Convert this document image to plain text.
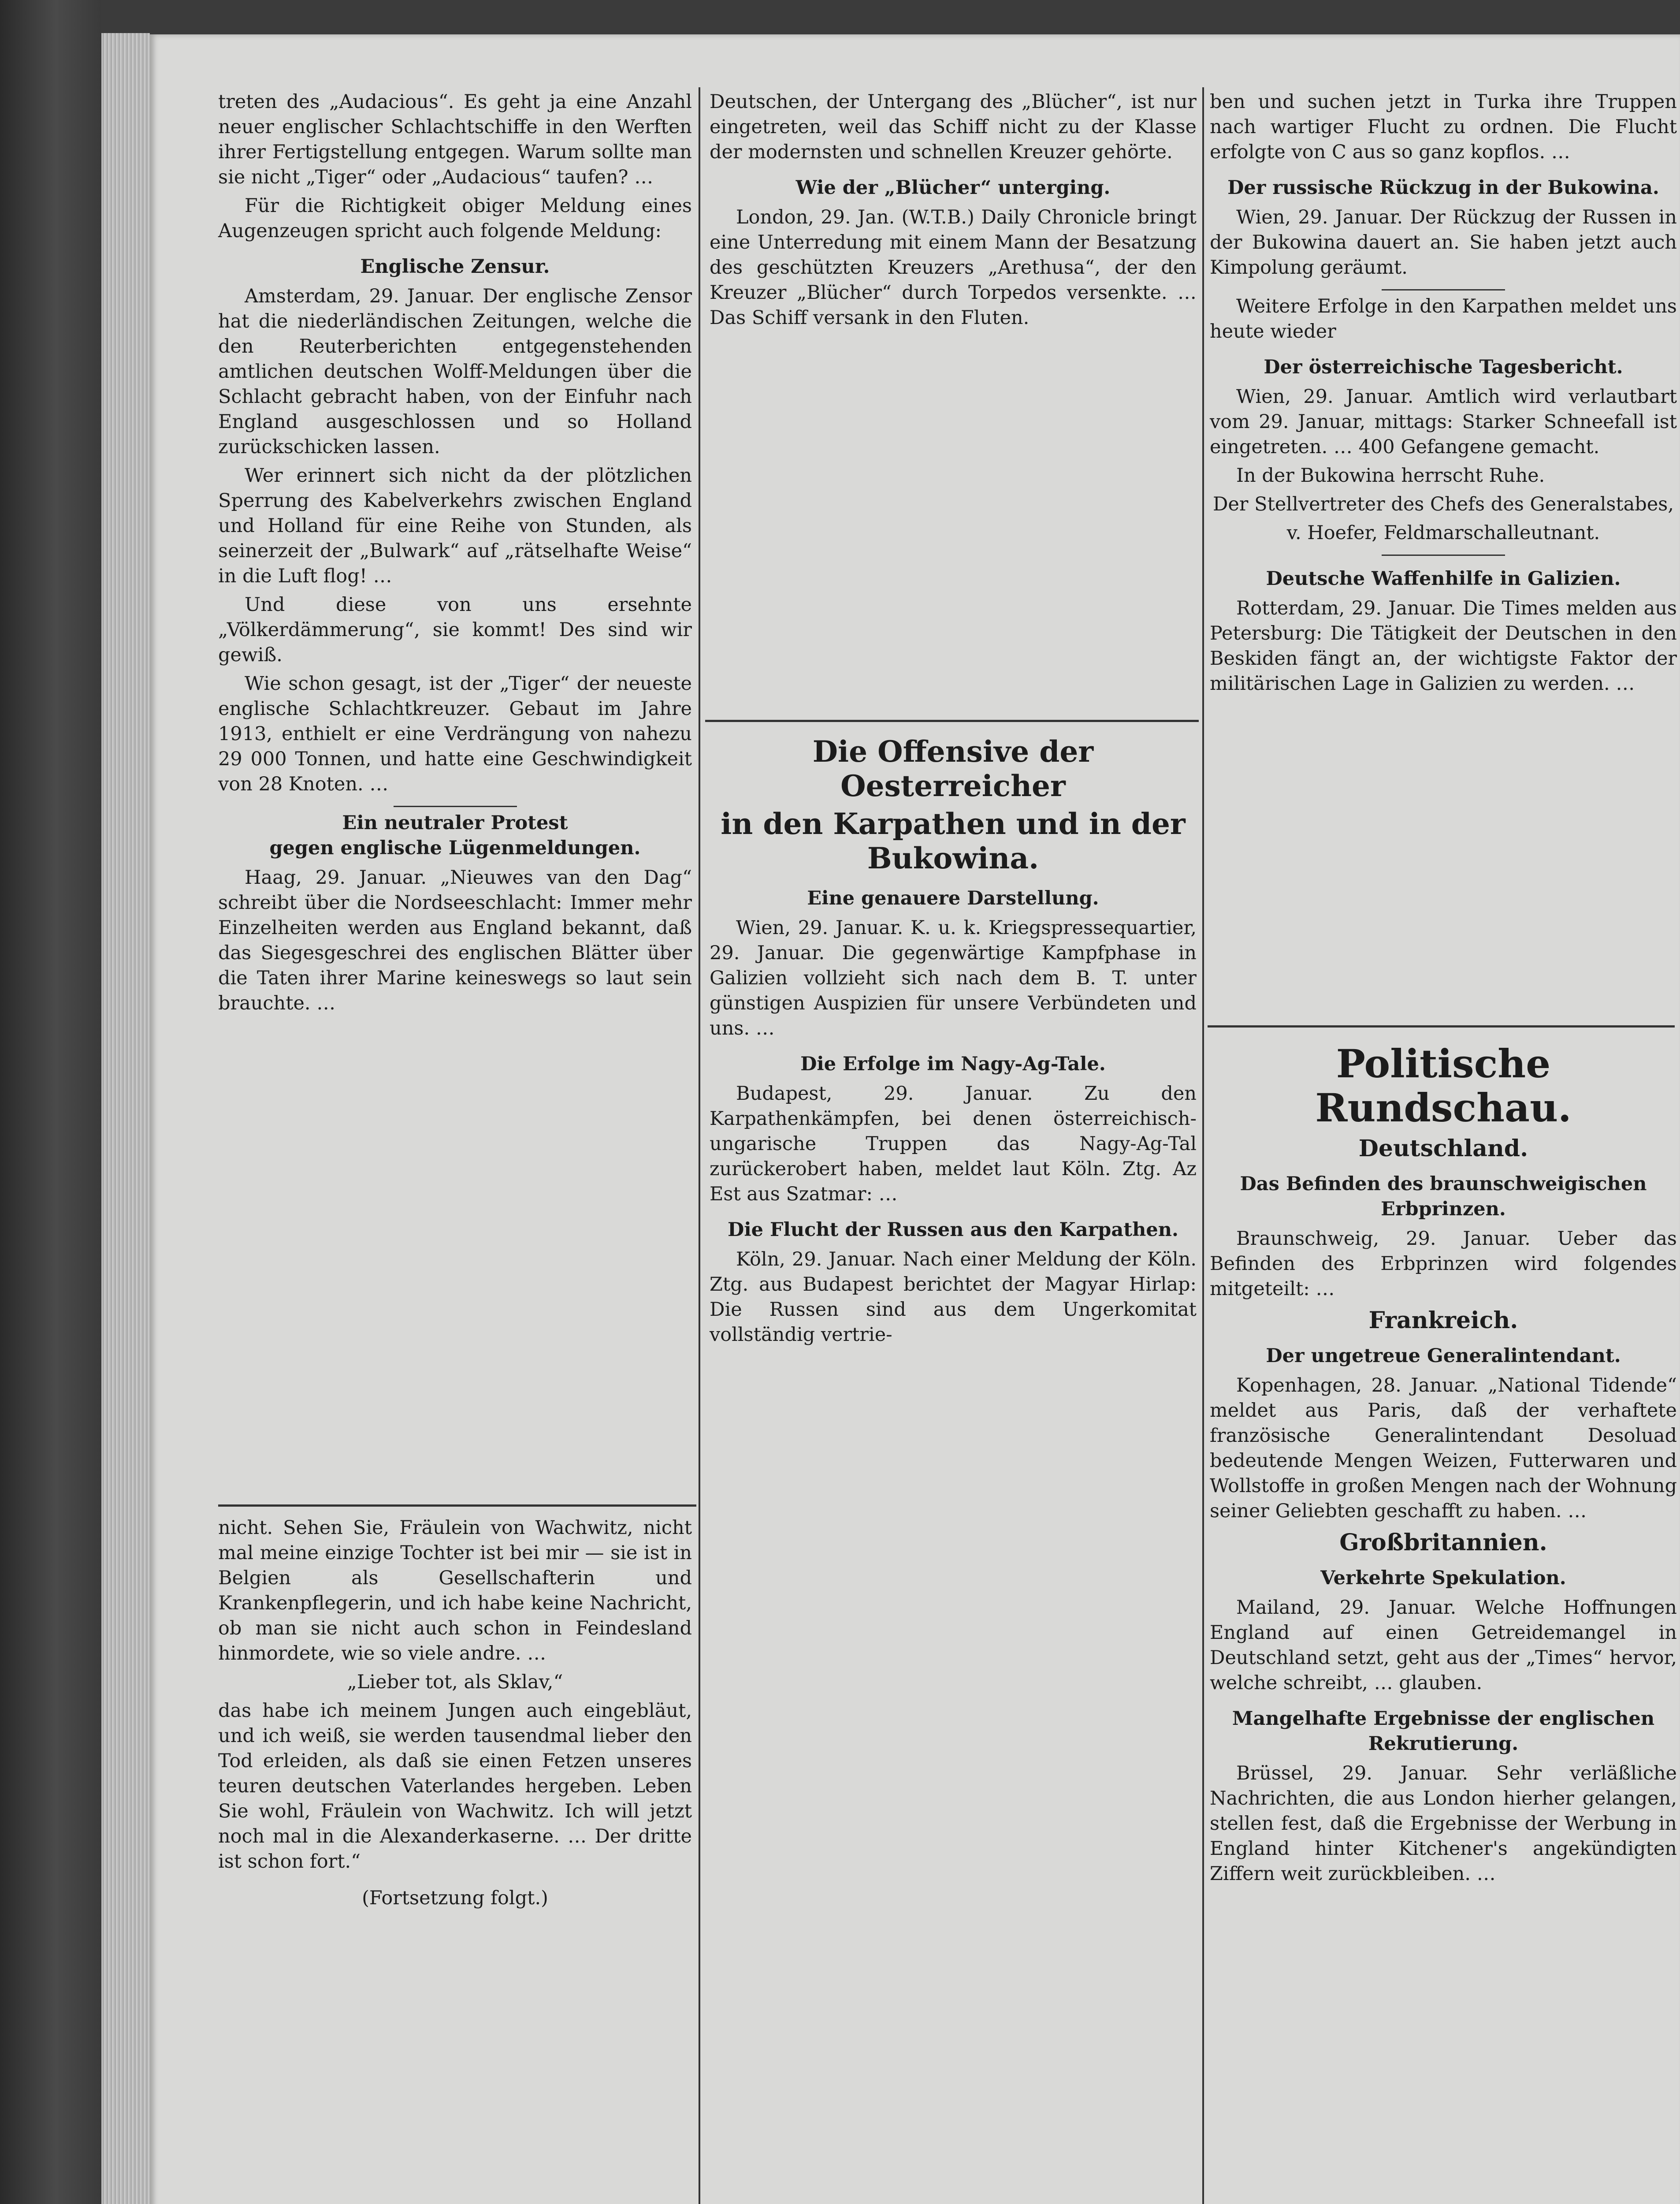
treten des „Audacious“. Es geht ja eine Anzahl neuer englischer Schlachtschiffe in den Werften ihrer Fertigstellung entgegen. Warum sollte man sie nicht „Tiger“ oder „Audacious“ taufen? …

Für die Richtigkeit obiger Meldung eines Augenzeugen spricht auch folgende Meldung:

Englische Zensur.

Amsterdam, 29. Januar. Der englische Zensor hat die niederländischen Zeitungen, welche die den Reuterberichten entgegenstehenden amtlichen deutschen Wolff-Meldungen über die Schlacht gebracht haben, von der Einfuhr nach England ausgeschlossen und so Holland zurückschicken lassen.

Wer erinnert sich nicht da der plötzlichen Sperrung des Kabelverkehrs zwischen England und Holland für eine Reihe von Stunden, als seinerzeit der „Bulwark“ auf „rätselhafte Weise“ in die Luft flog! …

Und diese von uns ersehnte „Völkerdämmerung“, sie kommt! Des sind wir gewiß.

Wie schon gesagt, ist der „Tiger“ der neueste englische Schlachtkreuzer. Gebaut im Jahre 1913, enthielt er eine Verdrängung von nahezu 29 000 Tonnen, und hatte eine Geschwindigkeit von 28 Knoten. …

Ein neutraler Protest
gegen englische Lügenmeldungen.

Haag, 29. Januar. „Nieuwes van den Dag“ schreibt über die Nordseeschlacht: Immer mehr Einzelheiten werden aus England bekannt, daß das Siegesgeschrei des englischen Blätter über die Taten ihrer Marine keineswegs so laut sein brauchte. …

nicht. Sehen Sie, Fräulein von Wachwitz, nicht mal meine einzige Tochter ist bei mir — sie ist in Belgien als Gesellschafterin und Krankenpflegerin, und ich habe keine Nachricht, ob man sie nicht auch schon in Feindesland hinmordete, wie so viele andre. …

„Lieber tot, als Sklav,“

das habe ich meinem Jungen auch eingebläut, und ich weiß, sie werden tausendmal lieber den Tod erleiden, als daß sie einen Fetzen unseres teuren deutschen Vaterlandes hergeben. Leben Sie wohl, Fräulein von Wachwitz. Ich will jetzt noch mal in die Alexanderkaserne. … Der dritte ist schon fort.“

(Fortsetzung folgt.)

Deutschen, der Untergang des „Blücher“, ist nur eingetreten, weil das Schiff nicht zu der Klasse der modernsten und schnellen Kreuzer gehörte.

Wie der „Blücher“ unterging.

London, 29. Jan. (W.T.B.) Daily Chronicle bringt eine Unterredung mit einem Mann der Besatzung des geschützten Kreuzers „Arethusa“, der den Kreuzer „Blücher“ durch Torpedos versenkte. … Das Schiff versank in den Fluten.

Die Offensive der Oesterreicher
in den Karpathen und in der Bukowina.
Eine genauere Darstellung.

Wien, 29. Januar. K. u. k. Kriegspressequartier, 29. Januar. Die gegenwärtige Kampfphase in Galizien vollzieht sich nach dem B. T. unter günstigen Auspizien für unsere Verbündeten und uns. …

Die Erfolge im Nagy-Ag-Tale.

Budapest, 29. Januar. Zu den Karpathenkämpfen, bei denen österreichisch-ungarische Truppen das Nagy-Ag-Tal zurückerobert haben, meldet laut Köln. Ztg. Az Est aus Szatmar: …

Die Flucht der Russen aus den Karpathen.

Köln, 29. Januar. Nach einer Meldung der Köln. Ztg. aus Budapest berichtet der Magyar Hirlap: Die Russen sind aus dem Ungerkomitat vollständig vertrie-

ben und suchen jetzt in Turka ihre Truppen nach wartiger Flucht zu ordnen. Die Flucht erfolgte von C aus so ganz kopflos. …

Der russische Rückzug in der Bukowina.

Wien, 29. Januar. Der Rückzug der Russen in der Bukowina dauert an. Sie haben jetzt auch Kimpolung geräumt.

Weitere Erfolge in den Karpathen meldet uns heute wieder

Der österreichische Tagesbericht.

Wien, 29. Januar. Amtlich wird verlautbart vom 29. Januar, mittags: Starker Schneefall ist eingetreten. … 400 Gefangene gemacht.

In der Bukowina herrscht Ruhe.

Der Stellvertreter des Chefs des Generalstabes,

v. Hoefer, Feldmarschalleutnant.

Deutsche Waffenhilfe in Galizien.

Rotterdam, 29. Januar. Die Times melden aus Petersburg: Die Tätigkeit der Deutschen in den Beskiden fängt an, der wichtigste Faktor der militärischen Lage in Galizien zu werden. …

Politische Rundschau.
Deutschland.
Das Befinden des braunschweigischen Erbprinzen.

Braunschweig, 29. Januar. Ueber das Befinden des Erbprinzen wird folgendes mitgeteilt: …

Frankreich.
Der ungetreue Generalintendant.

Kopenhagen, 28. Januar. „National Tidende“ meldet aus Paris, daß der verhaftete französische Generalintendant Desoluad bedeutende Mengen Weizen, Futterwaren und Wollstoffe in großen Mengen nach der Wohnung seiner Geliebten geschafft zu haben. …

Großbritannien.
Verkehrte Spekulation.

Mailand, 29. Januar. Welche Hoffnungen England auf einen Getreidemangel in Deutschland setzt, geht aus der „Times“ hervor, welche schreibt, … glauben.

Mangelhafte Ergebnisse der englischen Rekrutierung.

Brüssel, 29. Januar. Sehr verläßliche Nachrichten, die aus London hierher gelangen, stellen fest, daß die Ergebnisse der Werbung in England hinter Kitchener's angekündigten Ziffern weit zurückbleiben. …
